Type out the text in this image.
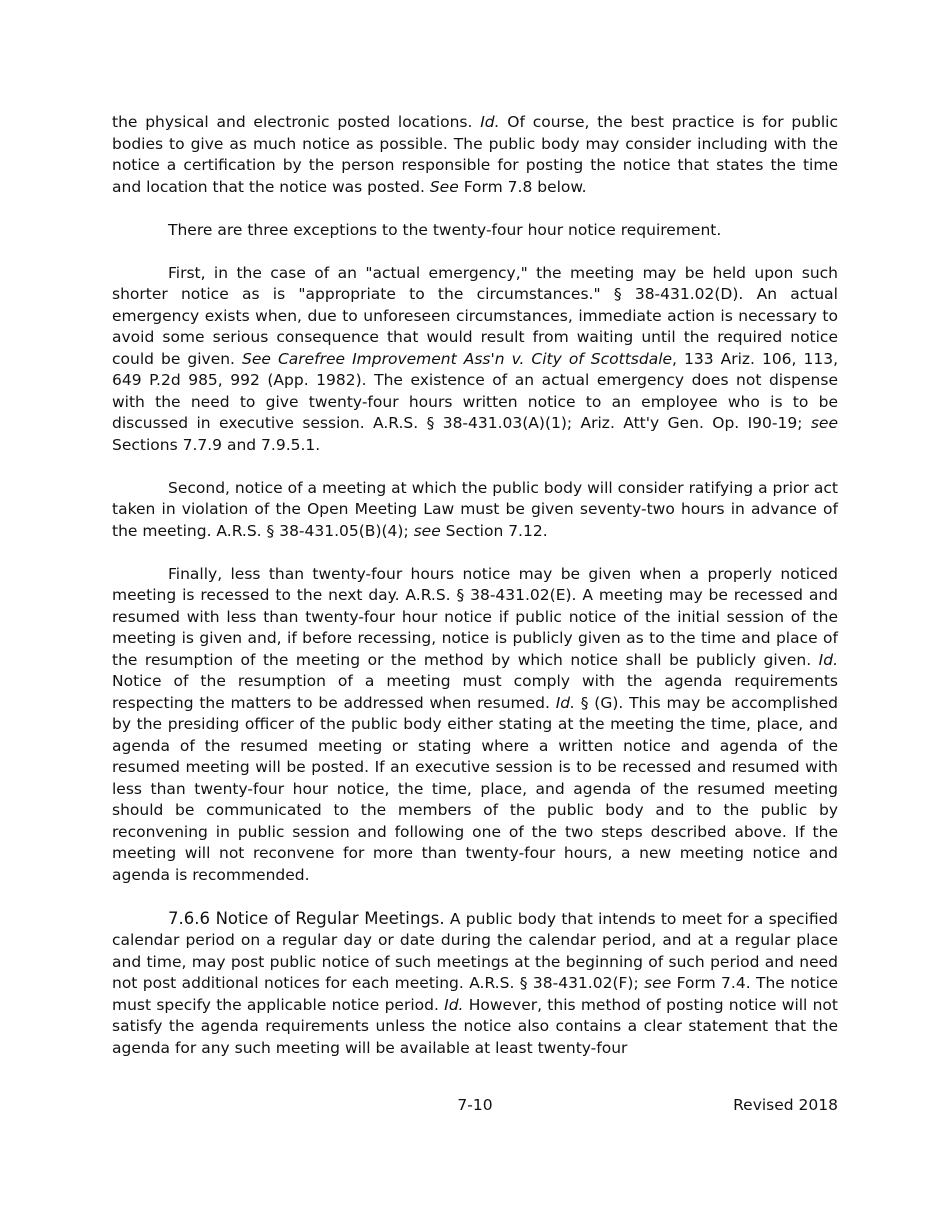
the physical and electronic posted locations. Id. Of course, the best practice is for public bodies to give as much notice as possible. The public body may consider including with the notice a certification by the person responsible for posting the notice that states the time and location that the notice was posted. See Form 7.8 below.

There are three exceptions to the twenty-four hour notice requirement.

First, in the case of an "actual emergency," the meeting may be held upon such shorter notice as is "appropriate to the circumstances." § 38-431.02(D). An actual emergency exists when, due to unforeseen circumstances, immediate action is necessary to avoid some serious consequence that would result from waiting until the required notice could be given. See Carefree Improvement Ass'n v. City of Scottsdale, 133 Ariz. 106, 113, 649 P.2d 985, 992 (App. 1982). The existence of an actual emergency does not dispense with the need to give twenty-four hours written notice to an employee who is to be discussed in executive session. A.R.S. § 38-431.03(A)(1); Ariz. Att'y Gen. Op. I90-19; see Sections 7.7.9 and 7.9.5.1.

Second, notice of a meeting at which the public body will consider ratifying a prior act taken in violation of the Open Meeting Law must be given seventy-two hours in advance of the meeting. A.R.S. § 38-431.05(B)(4); see Section 7.12.

Finally, less than twenty-four hours notice may be given when a properly noticed meeting is recessed to the next day. A.R.S. § 38-431.02(E). A meeting may be recessed and resumed with less than twenty-four hour notice if public notice of the initial session of the meeting is given and, if before recessing, notice is publicly given as to the time and place of the resumption of the meeting or the method by which notice shall be publicly given. Id. Notice of the resumption of a meeting must comply with the agenda requirements respecting the matters to be addressed when resumed. Id. § (G). This may be accomplished by the presiding officer of the public body either stating at the meeting the time, place, and agenda of the resumed meeting or stating where a written notice and agenda of the resumed meeting will be posted. If an executive session is to be recessed and resumed with less than twenty-four hour notice, the time, place, and agenda of the resumed meeting should be communicated to the members of the public body and to the public by reconvening in public session and following one of the two steps described above. If the meeting will not reconvene for more than twenty-four hours, a new meeting notice and agenda is recommended.

7.6.6 Notice of Regular Meetings. A public body that intends to meet for a specified calendar period on a regular day or date during the calendar period, and at a regular place and time, may post public notice of such meetings at the beginning of such period and need not post additional notices for each meeting. A.R.S. § 38-431.02(F); see Form 7.4. The notice must specify the applicable notice period. Id. However, this method of posting notice will not satisfy the agenda requirements unless the notice also contains a clear statement that the agenda for any such meeting will be available at least twenty-four

7-10	Revised 2018
